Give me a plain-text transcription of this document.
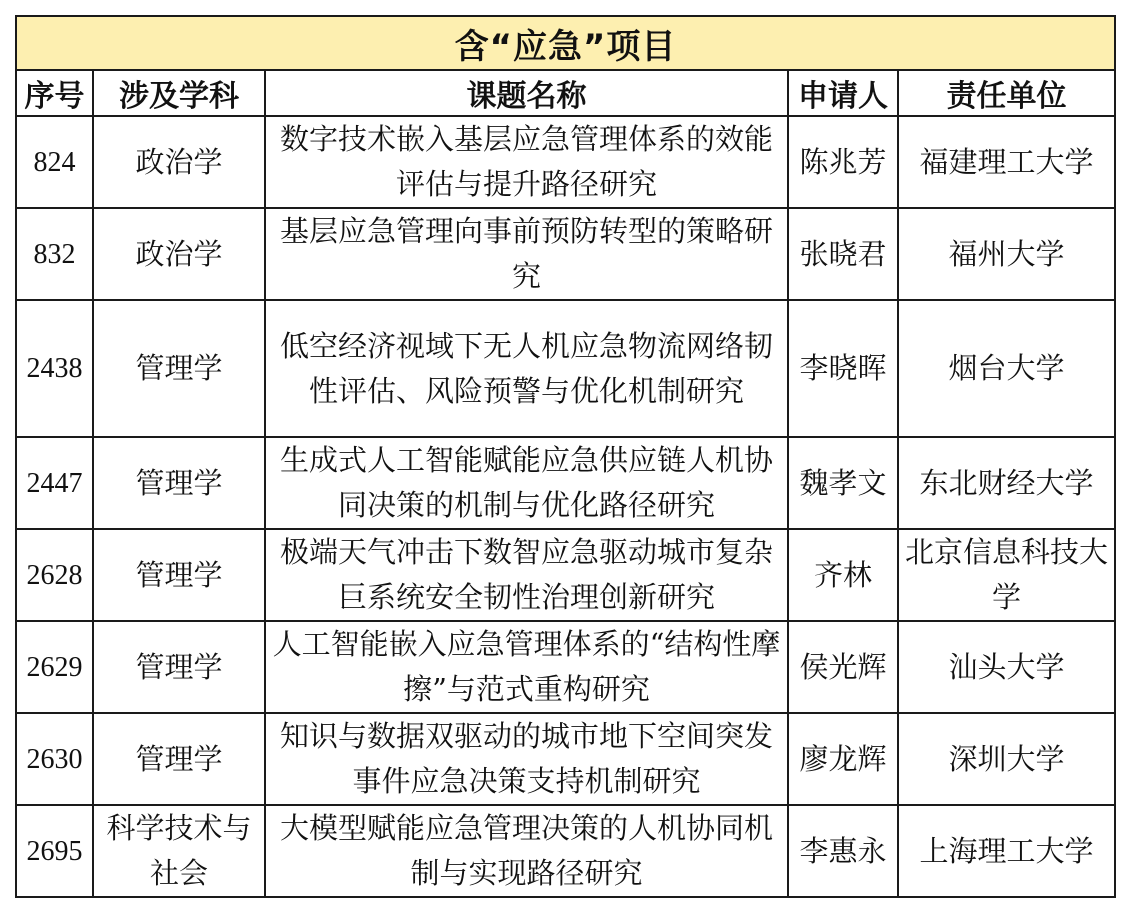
含“应急”项目				
序号	涉及学科	课题名称	申请人	责任单位
824	政治学	数字技术嵌入基层应急管理体系的效能评估与提升路径研究	陈兆芳	福建理工大学
832	政治学	基层应急管理向事前预防转型的策略研究	张晓君	福州大学
2438	管理学	低空经济视域下无人机应急物流网络韧性评估、风险预警与优化机制研究	李晓晖	烟台大学
2447	管理学	生成式人工智能赋能应急供应链人机协同决策的机制与优化路径研究	魏孝文	东北财经大学
2628	管理学	极端天气冲击下数智应急驱动城市复杂巨系统安全韧性治理创新研究	齐林	北京信息科技大学
2629	管理学	人工智能嵌入应急管理体系的“结构性摩擦”与范式重构研究	侯光辉	汕头大学
2630	管理学	知识与数据双驱动的城市地下空间突发事件应急决策支持机制研究	廖龙辉	深圳大学
2695	科学技术与社会	大模型赋能应急管理决策的人机协同机制与实现路径研究	李惠永	上海理工大学
